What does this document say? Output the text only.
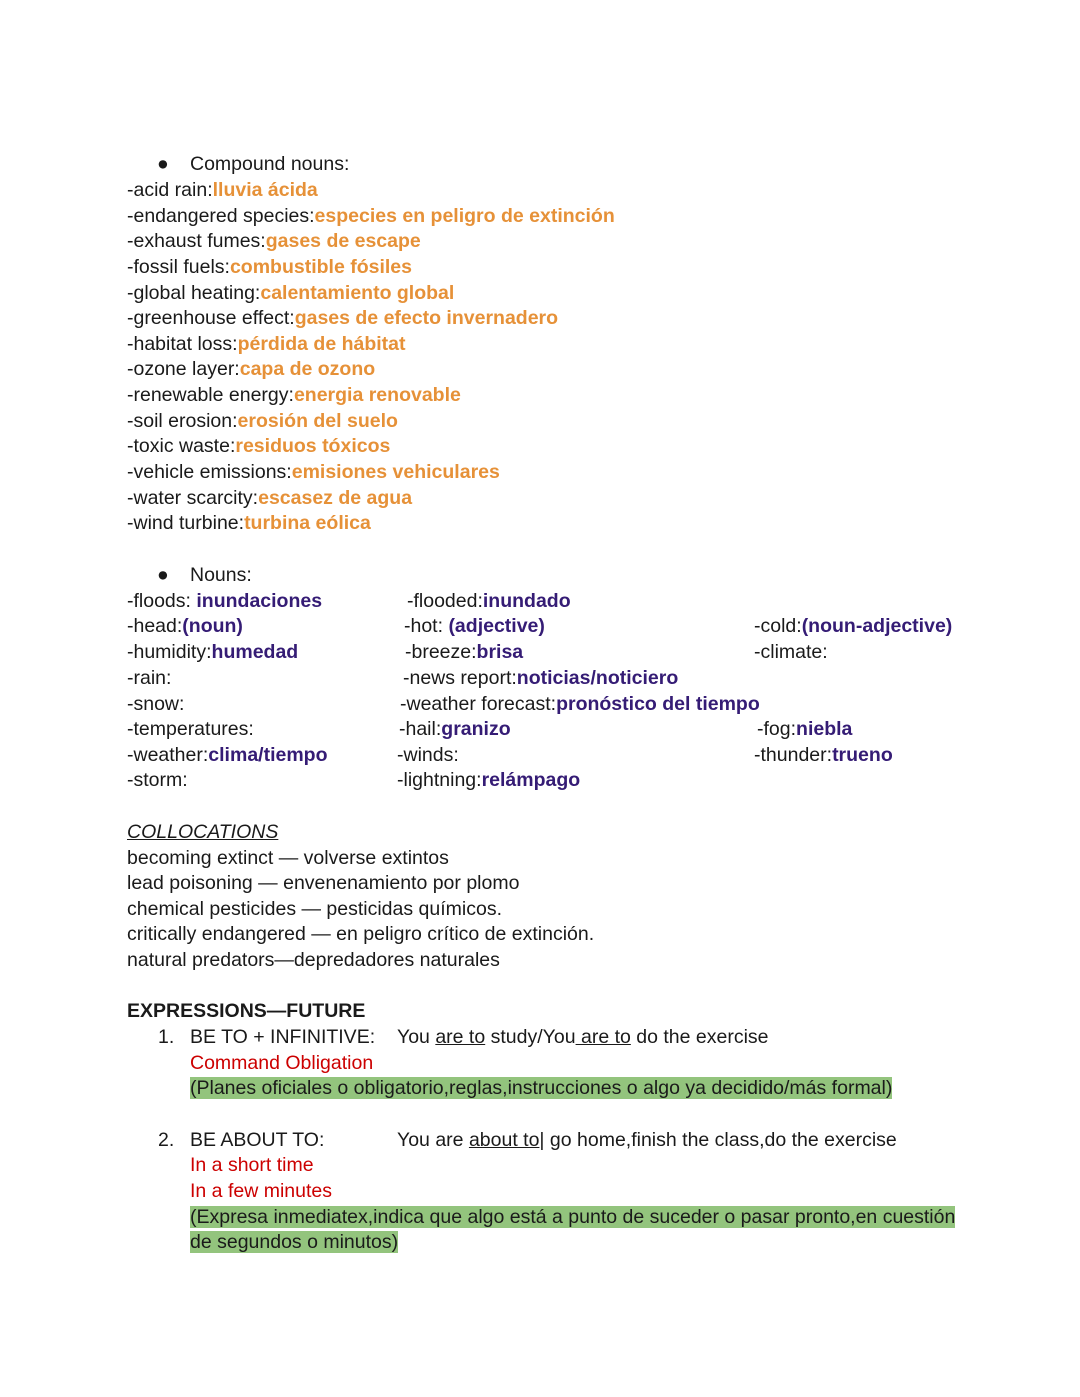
● Compound nouns:
-acid rain:lluvia ácida
-endangered species:especies en peligro de extinción
-exhaust fumes:gases de escape
-fossil fuels:combustible fósiles
-global heating:calentamiento global
-greenhouse effect:gases de efecto invernadero
-habitat loss:pérdida de hábitat
-ozone layer:capa de ozono
-renewable energy:energia renovable
-soil erosion:erosión del suelo
-toxic waste:residuos tóxicos
-vehicle emissions:emisiones vehiculares
-water scarcity:escasez de agua
-wind turbine:turbina eólica
● Nouns:
-floods: inundaciones
-head:(noun)
-humidity:humedad
-rain:
-snow:
-temperatures:
-weather:clima/tiempo
-storm:
-flooded:inundado
-hot: (adjective)
-breeze:brisa
-news report:noticias/noticiero
-weather forecast:pronóstico del tiempo
-hail:granizo
-winds:
-lightning:relámpago
-cold:(noun-adjective)
-climate:
-fog:niebla
-thunder:trueno
COLLOCATIONS
becoming extinct — volverse extintos
lead poisoning — envenenamiento por plomo
chemical pesticides — pesticidas químicos.
critically endangered — en peligro crítico de extinción.
natural predators—depredadores naturales
EXPRESSIONS—FUTURE
1. BE TO + INFINITIVE: You are to study/You are to do the exercise
Command Obligation
(Planes oficiales o obligatorio,reglas,instrucciones o algo ya decidido/más formal)
2. BE ABOUT TO:	You are about to| go home,finish the class,do the exercise
In a short time
In a few minutes
(Expresa inmediatex,indica que algo está a punto de suceder o pasar pronto,en cuestión
de segundos o minutos)
